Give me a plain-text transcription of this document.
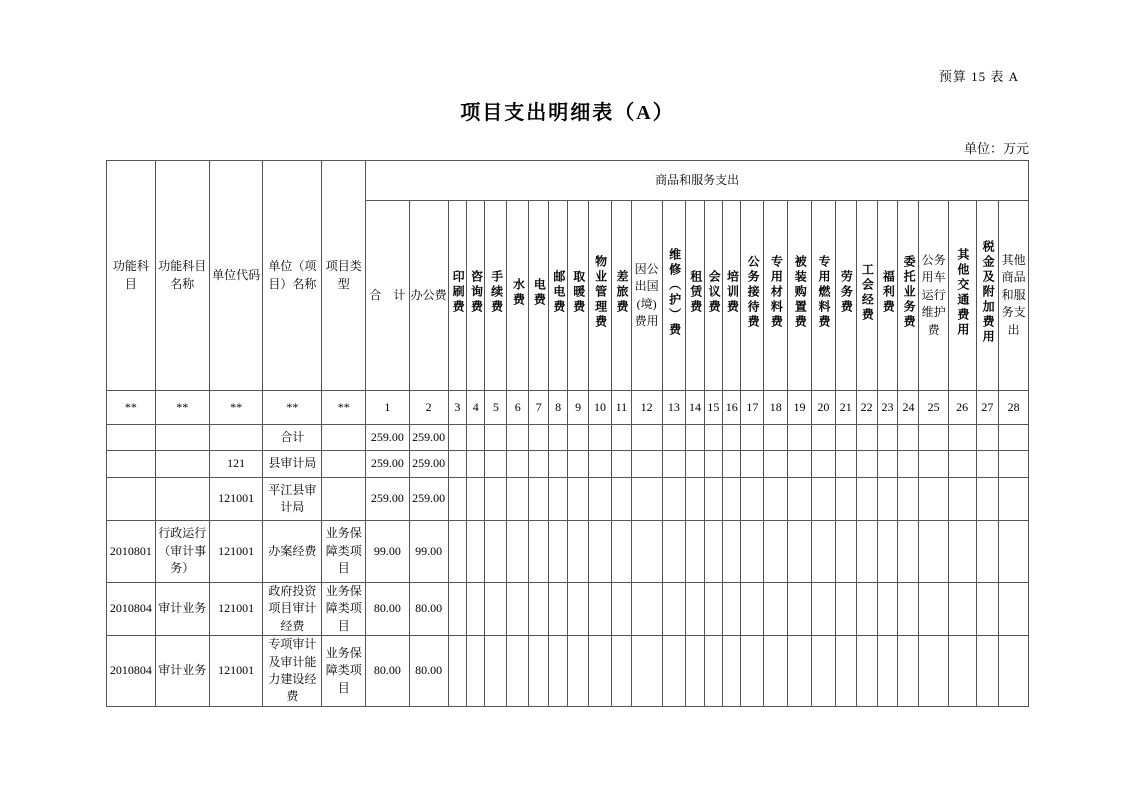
预算 15 表 A
项目支出明细表（A）
单位：万元
功能科目	功能科目名称	单位代码	单位（项目）名称	项目类型	商品和服务支出																											
					合　计	办公费	印刷费	咨询费	手续费	水费	电费	邮电费	取暖费	物业管理费	差旅费	因公出国(境)费用	维修（护）费	租赁费	会议费	培训费	公务接待费	专用材料费	被装购置费	专用燃料费	劳务费	工会经费	福利费	委托业务费	公务用车运行维护费	其他交通费用	税金及附加费用	其他商品和服务支出
**	**	**	**	**	1	2	3	4	5	6	7	8	9	10	11	12	13	14	15	16	17	18	19	20	21	22	23	24	25	26	27	28
			合计		259.00	259.00																										
		121	县审计局		259.00	259.00																										
		121001	平江县审计局		259.00	259.00																										
2010801	行政运行（审计事务）	121001	办案经费	业务保障类项目	99.00	99.00																										
2010804	审计业务	121001	政府投资项目审计经费	业务保障类项目	80.00	80.00																										
2010804	审计业务	121001	专项审计及审计能力建设经费	业务保障类项目	80.00	80.00																										
